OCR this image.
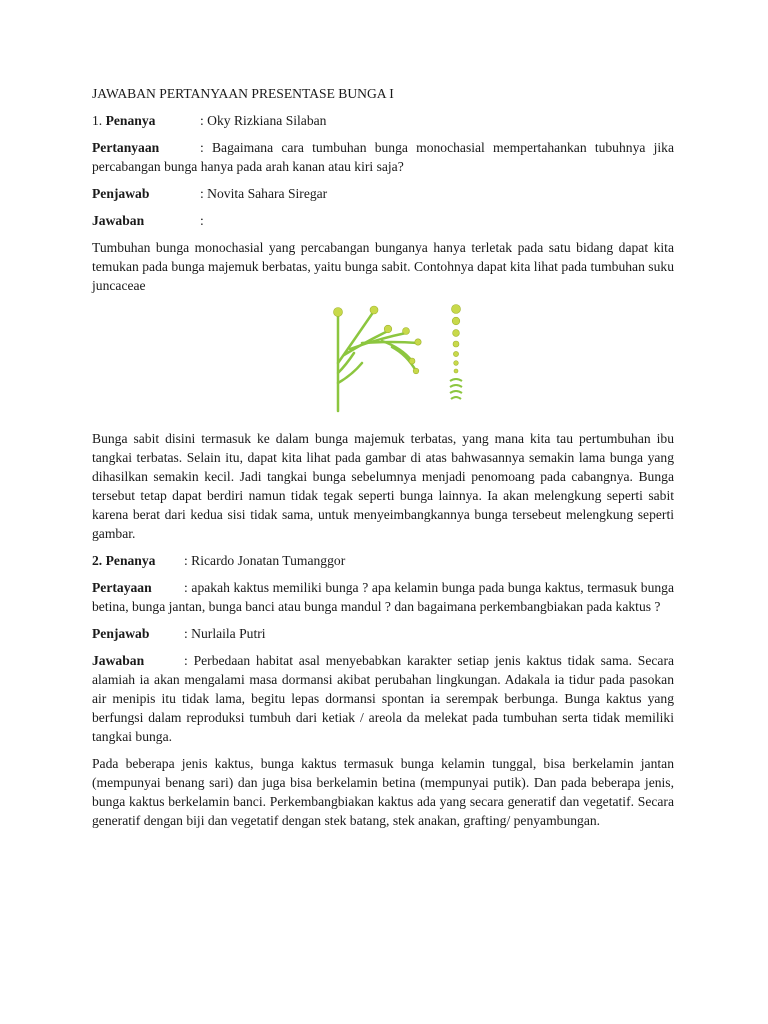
JAWABAN PERTANYAAN PRESENTASE BUNGA I

1. Penanya	: Oky Rizkiana Silaban

Pertanyaan	: Bagaimana cara tumbuhan bunga monochasial mempertahankan tubuhnya jika percabangan bunga hanya pada arah kanan atau kiri saja?

Penjawab	: Novita Sahara Siregar

Jawaban	:

Tumbuhan bunga monochasial yang percabangan bunganya hanya terletak pada satu bidang dapat kita temukan pada bunga majemuk berbatas, yaitu bunga sabit. Contohnya dapat kita lihat pada tumbuhan suku juncaceae

Bunga sabit disini termasuk ke dalam bunga majemuk terbatas, yang mana kita tau pertumbuhan ibu tangkai terbatas. Selain itu, dapat kita lihat pada gambar di atas bahwasannya semakin lama bunga yang dihasilkan semakin kecil. Jadi tangkai bunga sebelumnya menjadi penomoang pada cabangnya. Bunga tersebut tetap dapat berdiri namun tidak tegak seperti bunga lainnya. Ia akan melengkung seperti sabit karena berat dari kedua sisi tidak sama, untuk menyeimbangkannya bunga tersebeut melengkung seperti gambar.

2. Penanya : Ricardo Jonatan Tumanggor

Pertayaan : apakah kaktus memiliki bunga ? apa kelamin bunga pada bunga kaktus, termasuk bunga betina, bunga jantan, bunga banci atau bunga mandul ? dan bagaimana perkembangbiakan pada kaktus ?

Penjawab	: Nurlaila Putri

Jawaban	: Perbedaan habitat asal menyebabkan karakter setiap jenis kaktus tidak sama. Secara alamiah ia akan mengalami masa dormansi akibat perubahan lingkungan. Adakala ia tidur pada pasokan air menipis itu tidak lama, begitu lepas dormansi spontan ia serempak berbunga. Bunga kaktus yang berfungsi dalam reproduksi tumbuh dari ketiak / areola da melekat pada tumbuhan serta tidak memiliki tangkai bunga.

Pada beberapa jenis kaktus, bunga kaktus termasuk bunga kelamin tunggal, bisa berkelamin jantan (mempunyai benang sari) dan juga bisa berkelamin betina (mempunyai putik). Dan pada beberapa jenis, bunga kaktus berkelamin banci. Perkembangbiakan kaktus ada yang secara generatif dan vegetatif. Secara generatif dengan biji dan vegetatif dengan stek batang, stek anakan, grafting/ penyambungan.
